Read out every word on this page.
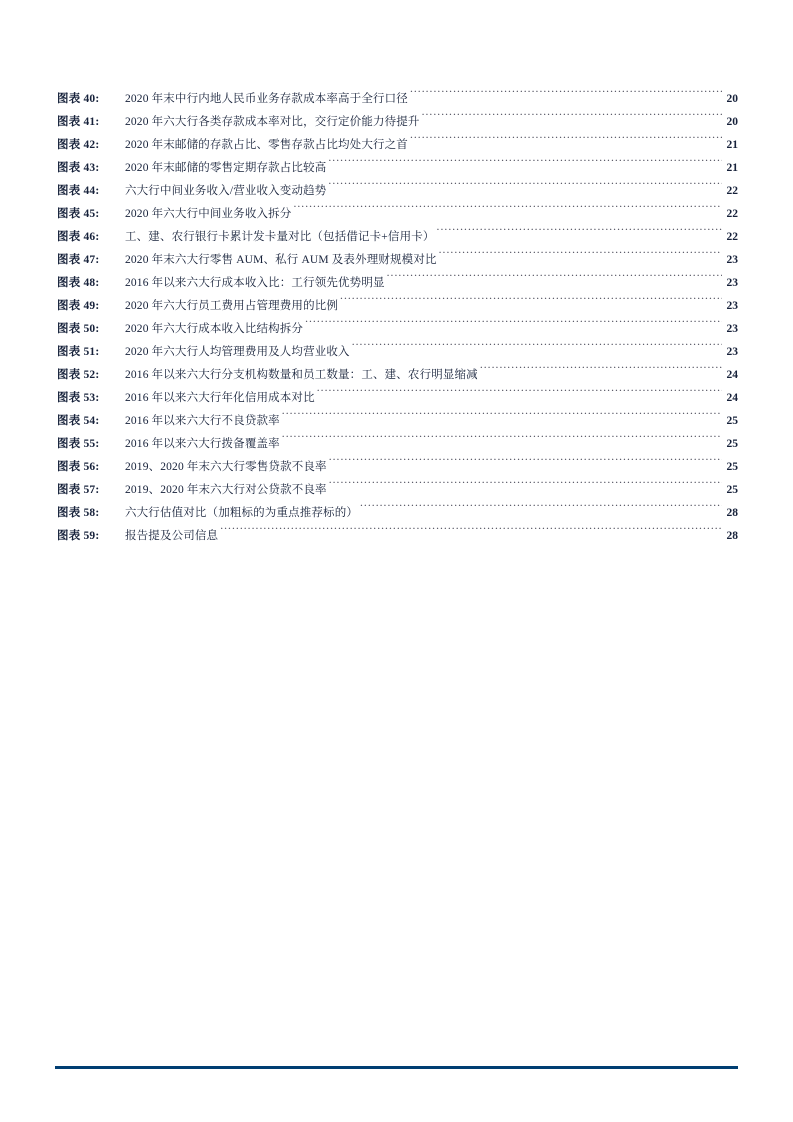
图表 40:	2020 年末中行内地人民币业务存款成本率高于全行口径 .....	20
图表 41:	2020 年六大行各类存款成本率对比，交行定价能力待提升 .....	20
图表 42:	2020 年末邮储的存款占比、零售存款占比均处大行之首 .....	21
图表 43:	2020 年末邮储的零售定期存款占比较高 .....	21
图表 44:	六大行中间业务收入/营业收入变动趋势 .....	22
图表 45:	2020 年六大行中间业务收入拆分 .....	22
图表 46:	工、建、农行银行卡累计发卡量对比（包括借记卡+信用卡） .....	22
图表 47:	2020 年末六大行零售 AUM、私行 AUM 及表外理财规模对比 .....	23
图表 48:	2016 年以来六大行成本收入比：工行领先优势明显 .....	23
图表 49:	2020 年六大行员工费用占管理费用的比例 .....	23
图表 50:	2020 年六大行成本收入比结构拆分 .....	23
图表 51:	2020 年六大行人均管理费用及人均营业收入 .....	23
图表 52:	2016 年以来六大行分支机构数量和员工数量：工、建、农行明显缩减 .....	24
图表 53:	2016 年以来六大行年化信用成本对比 .....	24
图表 54:	2016 年以来六大行不良贷款率 .....	25
图表 55:	2016 年以来六大行拨备覆盖率 .....	25
图表 56:	2019、2020 年末六大行零售贷款不良率 .....	25
图表 57:	2019、2020 年末六大行对公贷款不良率 .....	25
图表 58:	六大行估值对比（加粗标的为重点推荐标的） .....	28
图表 59:	报告提及公司信息 .....	28
